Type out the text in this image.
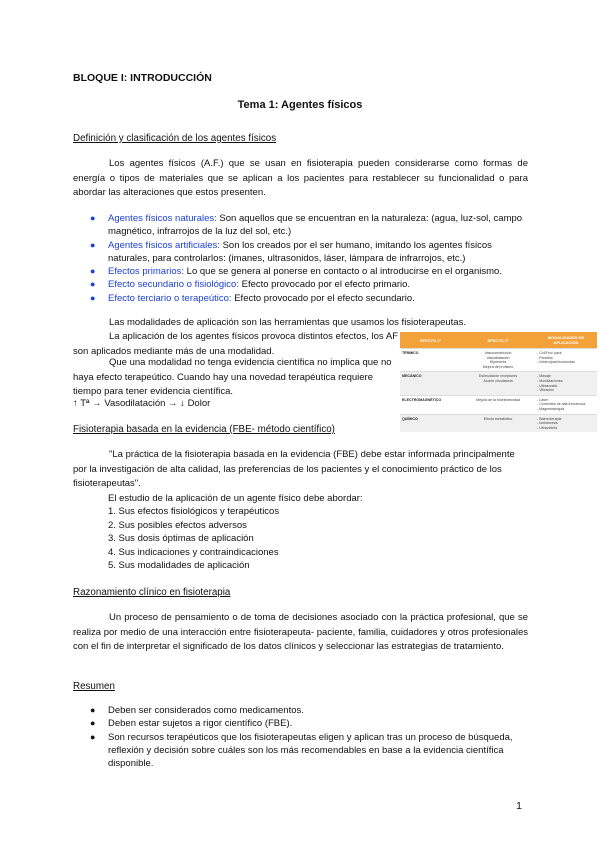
BLOQUE I: INTRODUCCIÓN
Tema 1: Agentes físicos
Definición y clasificación de los agentes físicos
Los agentes físicos (A.F.) que se usan en fisioterapia pueden considerarse como formas de energía o tipos de materiales que se aplican a los pacientes para restablecer su funcionalidad o para abordar las alteraciones que estos presenten.
● Agentes físicos naturales: Son aquellos que se encuentran en la naturaleza: (agua, luz-sol, campo magnético, infrarrojos de la luz del sol, etc.)
● Agentes físicos artificiales: Son los creados por el ser humano, imitando los agentes físicos naturales, para controlarlos: (imanes, ultrasonidos, láser, lámpara de infrarrojos, etc.)
● Efectos primarios: Lo que se genera al ponerse en contacto o al introducirse en el organismo.
● Efecto secundario o fisiológico: Efecto provocado por el efecto primario.
● Efecto terciario o terapeútico: Efecto provocado por el efecto secundario.
Las modalidades de aplicación son las herramientas que usamos los fisioterapeutas.
La aplicación de los agentes físicos provoca distintos efectos, los AF son aplicados mediante más de una modalidad.
Que una modalidad no tenga evidencia científica no implica que no haya efecto terapeútico. Cuando hay una novedad terapéutica requiere tiempo para tener evidencia científica.
↑ Tª → Vasodilatación → ↓ Dolor
EFECTO 1º	EFECTO 2º	MODALIDADES DE APLICACIÓN
TÉRMICO	Vasoconstricción
Vasodilatación
Hiperemia
Mejora del trofismo	- Col/Frío/ pack
- Parafina
- Infrarrojos/microondas
MECÁNICO	Estimulación receptores
Acción circulatoria	- Masaje
- Movilizaciones
- Ultrasonido
- Vibración
ELECTROMAGNÉTICO	Mejora de la bioelectricidad	- Láser
- Corrientes de alta frecuencia
- Magnetoterapia
QUÍMICO	Efecto metabólico	- Balneoterapia
- Iontoforesis
- Ultravioleta
Fisioterapia basada en la evidencia (FBE- método científico)
"La práctica de la fisioterapia basada en la evidencia (FBE) debe estar informada principalmente por la investigación de alta calidad, las preferencias de los pacientes y el conocimiento práctico de los fisioterapeutas".
El estudio de la aplicación de un agente físico debe abordar:
1. Sus efectos fisiológicos y terapéuticos
2. Sus posibles efectos adversos
3. Sus dosis óptimas de aplicación
4. Sus indicaciones y contraindicaciones
5. Sus modalidades de aplicación
Razonamiento clínico en fisioterapia
Un proceso de pensamiento o de toma de decisiones asociado con la práctica profesional, que se realiza por medio de una interacción entre fisioterapeuta- paciente, familia, cuidadores y otros profesionales con el fin de interpretar el significado de los datos clínicos y seleccionar las estrategias de tratamiento.
Resumen
● Deben ser considerados como medicamentos.
● Deben estar sujetos a rigor científico (FBE).
● Son recursos terapéuticos que los fisioterapeutas eligen y aplican tras un proceso de búsqueda, reflexión y decisión sobre cuáles son los más recomendables en base a la evidencia científica disponible.
1
